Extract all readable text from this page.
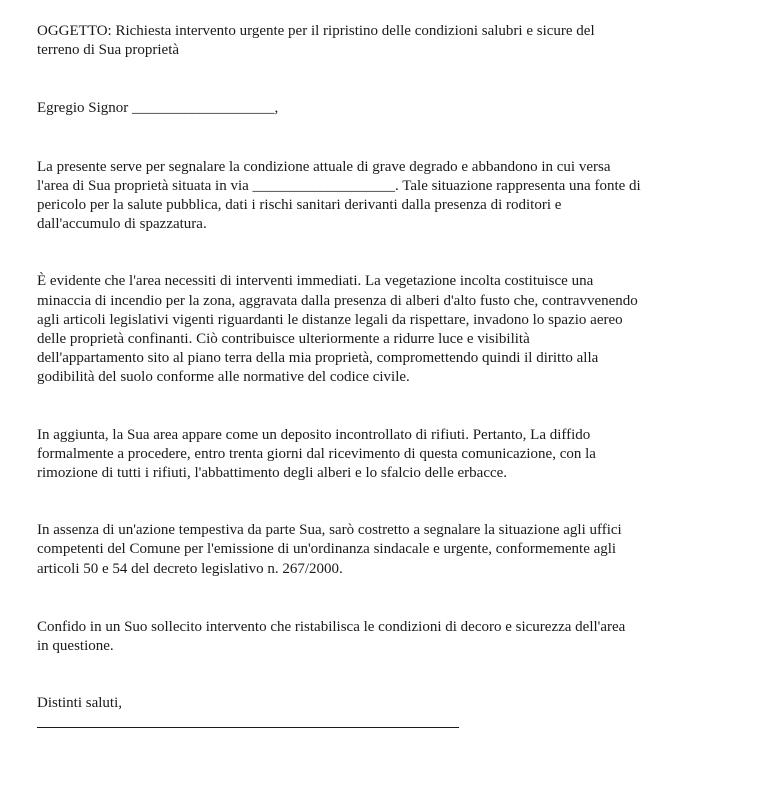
OGGETTO: Richiesta intervento urgente per il ripristino delle condizioni salubri e sicure del
terreno di Sua proprietà

Egregio Signor ___________________,

La presente serve per segnalare la condizione attuale di grave degrado e abbandono in cui versa
l'area di Sua proprietà situata in via ___________________. Tale situazione rappresenta una fonte di
pericolo per la salute pubblica, dati i rischi sanitari derivanti dalla presenza di roditori e
dall'accumulo di spazzatura.

È evidente che l'area necessiti di interventi immediati. La vegetazione incolta costituisce una
minaccia di incendio per la zona, aggravata dalla presenza di alberi d'alto fusto che, contravvenendo
agli articoli legislativi vigenti riguardanti le distanze legali da rispettare, invadono lo spazio aereo
delle proprietà confinanti. Ciò contribuisce ulteriormente a ridurre luce e visibilità
dell'appartamento sito al piano terra della mia proprietà, compromettendo quindi il diritto alla
godibilità del suolo conforme alle normative del codice civile.

In aggiunta, la Sua area appare come un deposito incontrollato di rifiuti. Pertanto, La diffido
formalmente a procedere, entro trenta giorni dal ricevimento di questa comunicazione, con la
rimozione di tutti i rifiuti, l'abbattimento degli alberi e lo sfalcio delle erbacce.

In assenza di un'azione tempestiva da parte Sua, sarò costretto a segnalare la situazione agli uffici
competenti del Comune per l'emissione di un'ordinanza sindacale e urgente, conformemente agli
articoli 50 e 54 del decreto legislativo n. 267/2000.

Confido in un Suo sollecito intervento che ristabilisca le condizioni di decoro e sicurezza dell'area
in questione.

Distinti saluti,
